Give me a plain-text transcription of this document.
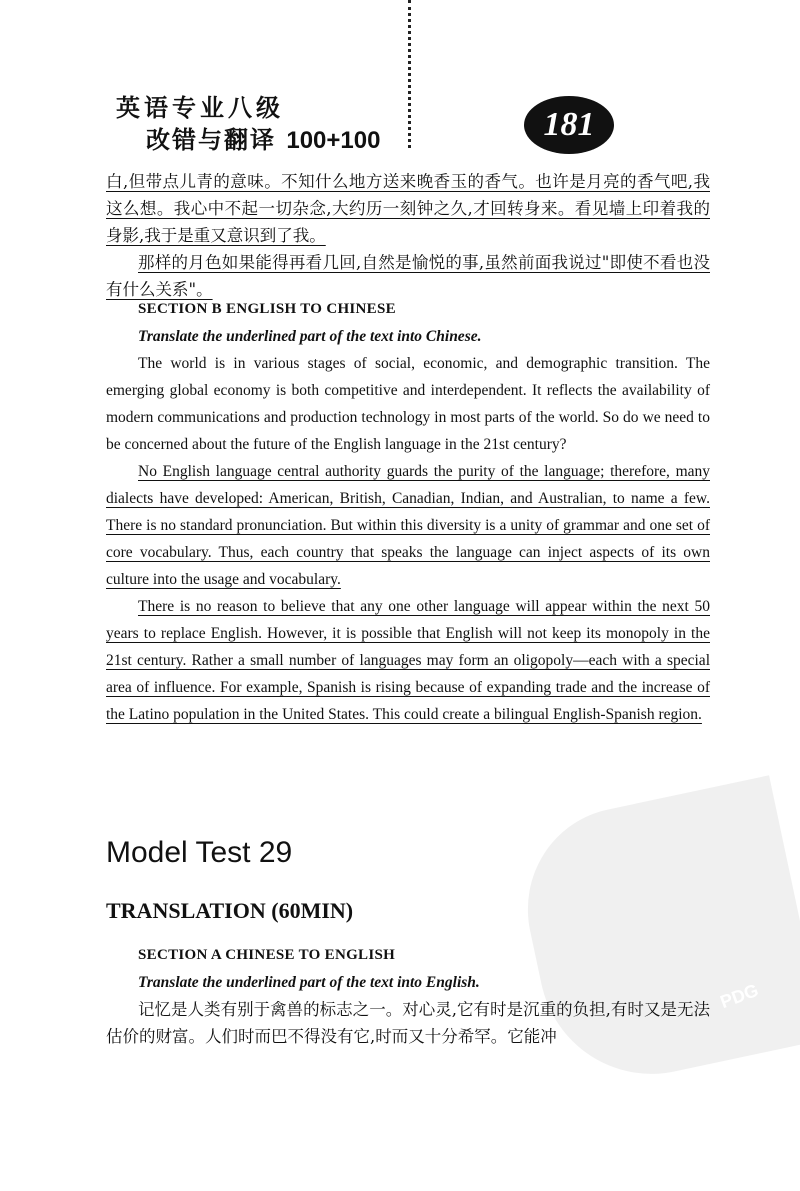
英语专业八级
改错与翻译 100+100	181
PDG

白,但带点儿青的意味。不知什么地方送来晚香玉的香气。也许是月亮的香气吧,我这么想。我心中不起一切杂念,大约历一刻钟之久,才回转身来。看见墙上印着我的身影,我于是重又意识到了我。

那样的月色如果能得再看几回,自然是愉悦的事,虽然前面我说过"即使不看也没有什么关系"。

SECTION B ENGLISH TO CHINESE
Translate the underlined part of the text into Chinese.

The world is in various stages of social, economic, and demographic transition. The emerging global economy is both competitive and interdependent. It reflects the availability of modern communications and production technology in most parts of the world. So do we need to be concerned about the future of the English language in the 21st century?

No English language central authority guards the purity of the language; therefore, many dialects have developed: American, British, Canadian, Indian, and Australian, to name a few. There is no standard pronunciation. But within this diversity is a unity of grammar and one set of core vocabulary. Thus, each country that speaks the language can inject aspects of its own culture into the usage and vocabulary.

There is no reason to believe that any one other language will appear within the next 50 years to replace English. However, it is possible that English will not keep its monopoly in the 21st century. Rather a small number of languages may form an oligopoly—each with a special area of influence. For example, Spanish is rising because of expanding trade and the increase of the Latino population in the United States. This could create a bilingual English-Spanish region.

Model Test 29
TRANSLATION (60MIN)
SECTION A CHINESE TO ENGLISH
Translate the underlined part of the text into English.

记忆是人类有别于禽兽的标志之一。对心灵,它有时是沉重的负担,有时又是无法估价的财富。人们时而巴不得没有它,时而又十分希罕。它能冲
